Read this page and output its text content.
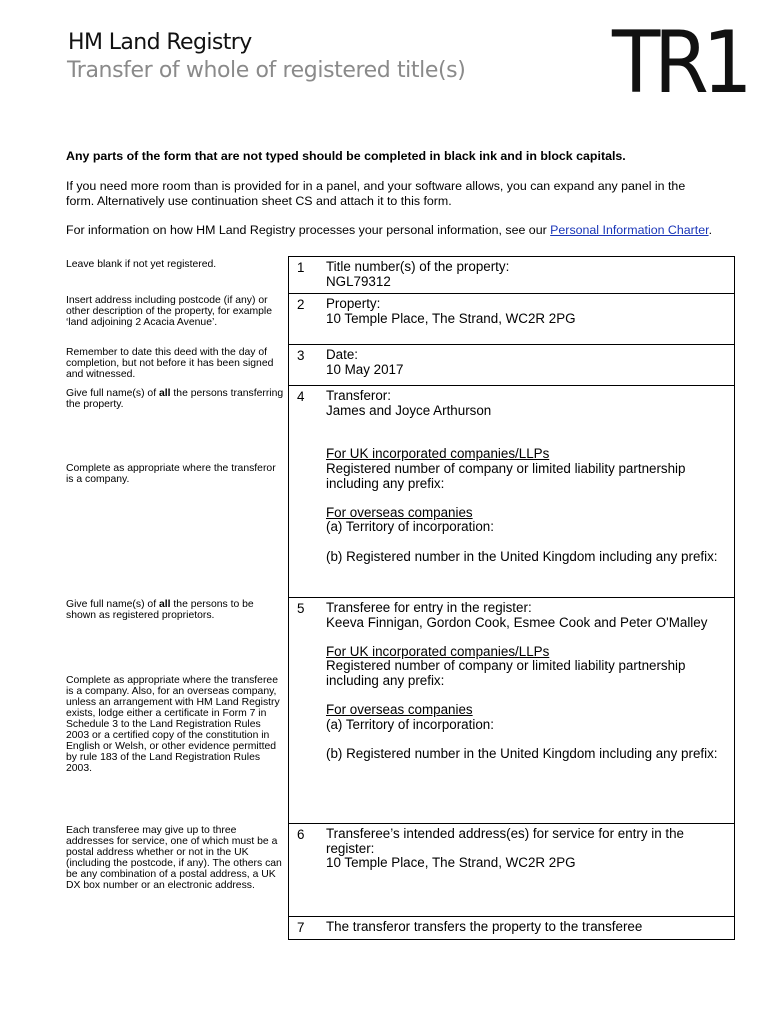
HM Land Registry
Transfer of whole of registered title(s) TR1
Any parts of the form that are not typed should be completed in black ink and in block capitals.
If you need more room than is provided for in a panel, and your software allows, you can expand any panel in the form. Alternatively use continuation sheet CS and attach it to this form.
For information on how HM Land Registry processes your personal information, see our Personal Information Charter.
Leave blank if not yet registered.
Insert address including postcode (if any) or other description of the property, for example ‘land adjoining 2 Acacia Avenue’.
Remember to date this deed with the day of completion, but not before it has been signed and witnessed.
Give full name(s) of all the persons transferring the property.
Complete as appropriate where the transferor is a company.
Give full name(s) of all the persons to be shown as registered proprietors.
Complete as appropriate where the transferee is a company. Also, for an overseas company, unless an arrangement with HM Land Registry exists, lodge either a certificate in Form 7 in Schedule 3 to the Land Registration Rules 2003 or a certified copy of the constitution in English or Welsh, or other evidence permitted by rule 183 of the Land Registration Rules 2003.
Each transferee may give up to three addresses for service, one of which must be a postal address whether or not in the UK (including the postcode, if any). The others can be any combination of a postal address, a UK DX box number or an electronic address.
1 Title number(s) of the property:
NGL79312
2 Property:
10 Temple Place, The Strand, WC2R 2PG
3 Date:
10 May 2017
4 Transferor:
James and Joyce Arthurson
For UK incorporated companies/LLPs
Registered number of company or limited liability partnership including any prefix:
For overseas companies
(a) Territory of incorporation:
(b) Registered number in the United Kingdom including any prefix:
5 Transferee for entry in the register:
Keeva Finnigan, Gordon Cook, Esmee Cook and Peter O'Malley
For UK incorporated companies/LLPs
Registered number of company or limited liability partnership including any prefix:
For overseas companies
(a) Territory of incorporation:
(b) Registered number in the United Kingdom including any prefix:
6 Transferee’s intended address(es) for service for entry in the register:
10 Temple Place, The Strand, WC2R 2PG
7 The transferor transfers the property to the transferee
